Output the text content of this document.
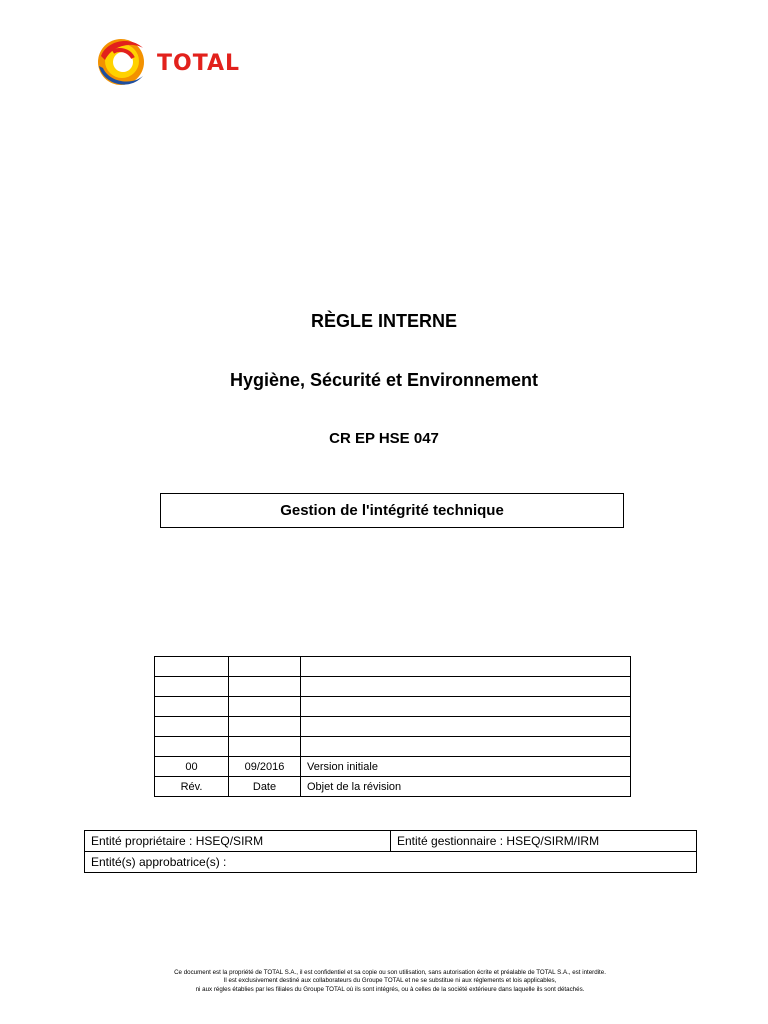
TOTAL
RÈGLE INTERNE
Hygiène, Sécurité et Environnement
CR EP HSE 047
Gestion de l'intégrité technique

00	09/2016	Version initiale
Rév.	Date	Objet de la révision
Entité propriétaire : HSEQ/SIRM	Entité gestionnaire : HSEQ/SIRM/IRM
Entité(s) approbatrice(s) :
Ce document est la propriété de TOTAL S.A., il est confidentiel et sa copie ou son utilisation, sans autorisation écrite et préalable de TOTAL S.A., est interdite.
Il est exclusivement destiné aux collaborateurs du Groupe TOTAL et ne se substitue ni aux réglements et lois applicables,
ni aux régles établies par les filiales du Groupe TOTAL où ils sont intégrés, ou à celles de la société extérieure dans laquelle ils sont détachés.
